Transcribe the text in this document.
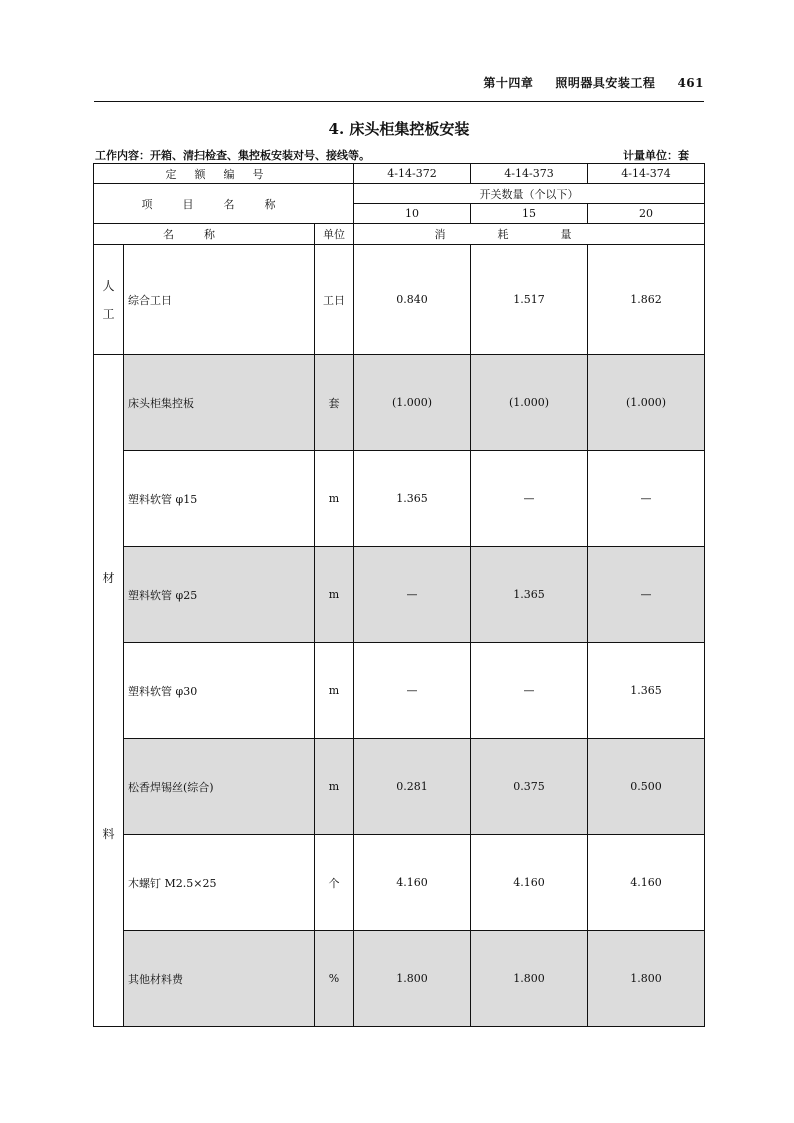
第十四章 照明器具安装工程 461
4. 床头柜集控板安装
工作内容：开箱、清扫检查、集控板安装对号、接线等。	计量单位：套
定额编号			4-14-372	4-14-373	4-14-374
项目名称			开关数量（个以下）		
			10	15	20
名称		单位	消耗量		

人
工	综合工日	工日	0.840	1.517	1.862

材
料	床头柜集控板	套	(1.000)	(1.000)	(1.000)
	塑料软管 φ15	m	1.365	—	—
	塑料软管 φ25	m	—	1.365	—
	塑料软管 φ30	m	—	—	1.365
	松香焊锡丝(综合)	m	0.281	0.375	0.500
	木螺钉 M2.5×25	个	4.160	4.160	4.160
	其他材料费	%	1.800	1.800	1.800
